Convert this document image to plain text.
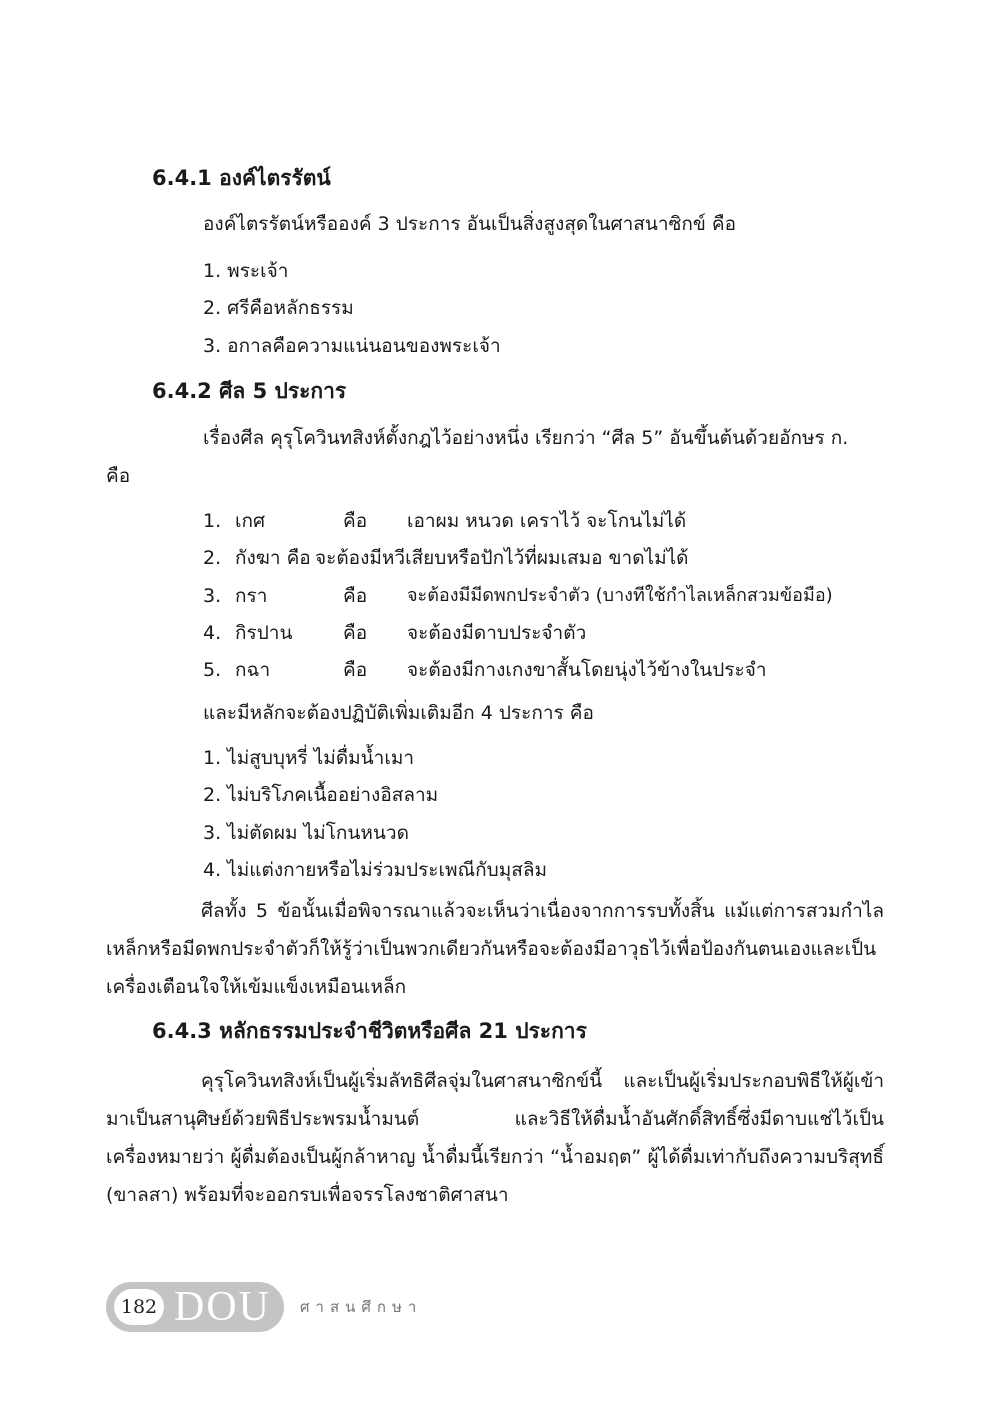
6.4.1 องค์ไตรรัตน์
องค์ไตรรัตน์หรือองค์ 3 ประการ อันเป็นสิ่งสูงสุดในศาสนาซิกข์ คือ
1. พระเจ้า
2. ศรีคือหลักธรรม
3. อกาลคือความแน่นอนของพระเจ้า
6.4.2 ศีล 5 ประการ
เรื่องศีล คุรุโควินทสิงห์ตั้งกฎไว้อย่างหนึ่ง เรียกว่า “ศีล 5” อันขึ้นต้นด้วยอักษร ก.
คือ
1. เกศ	คือ เอาผม หนวด เคราไว้ จะโกนไม่ได้
2. กังฆา คือ จะต้องมีหวีเสียบหรือปักไว้ที่ผมเสมอ ขาดไม่ได้
3. กรา	คือ จะต้องมีมีดพกประจำตัว (บางทีใช้กำไลเหล็กสวมข้อมือ)
4. กิรปาน	คือ จะต้องมีดาบประจำตัว
5. กฉา	คือ จะต้องมีกางเกงขาสั้นโดยนุ่งไว้ข้างในประจำ
และมีหลักจะต้องปฏิบัติเพิ่มเติมอีก 4 ประการ คือ
1. ไม่สูบบุหรี่ ไม่ดื่มน้ำเมา
2. ไม่บริโภคเนื้ออย่างอิสลาม
3. ไม่ตัดผม ไม่โกนหนวด
4. ไม่แต่งกายหรือไม่ร่วมประเพณีกับมุสลิม
ศีลทั้ง 5 ข้อนั้นเมื่อพิจารณาแล้วจะเห็นว่าเนื่องจากการรบทั้งสิ้น แม้แต่การสวมกำไลเหล็กหรือมีดพกประจำตัวก็ให้รู้ว่าเป็นพวกเดียวกันหรือจะต้องมีอาวุธไว้เพื่อป้องกันตนเองและเป็นเครื่องเตือนใจให้เข้มแข็งเหมือนเหล็ก
6.4.3 หลักธรรมประจำชีวิตหรือศีล 21 ประการ
คุรุโควินทสิงห์เป็นผู้เริ่มลัทธิศีลจุ่มในศาสนาซิกข์นี้ และเป็นผู้เริ่มประกอบพิธีให้ผู้เข้ามาเป็นสานุศิษย์ด้วยพิธีประพรมน้ำมนต์ และวิธีให้ดื่มน้ำอันศักดิ์สิทธิ์ซึ่งมีดาบแช่ไว้เป็นเครื่องหมายว่า ผู้ดื่มต้องเป็นผู้กล้าหาญ น้ำดื่มนี้เรียกว่า “น้ำอมฤต” ผู้ได้ดื่มเท่ากับถึงความบริสุทธิ์ (ขาลสา) พร้อมที่จะออกรบเพื่อจรรโลงชาติศาสนา
182 DOU ศาสนศึกษา
